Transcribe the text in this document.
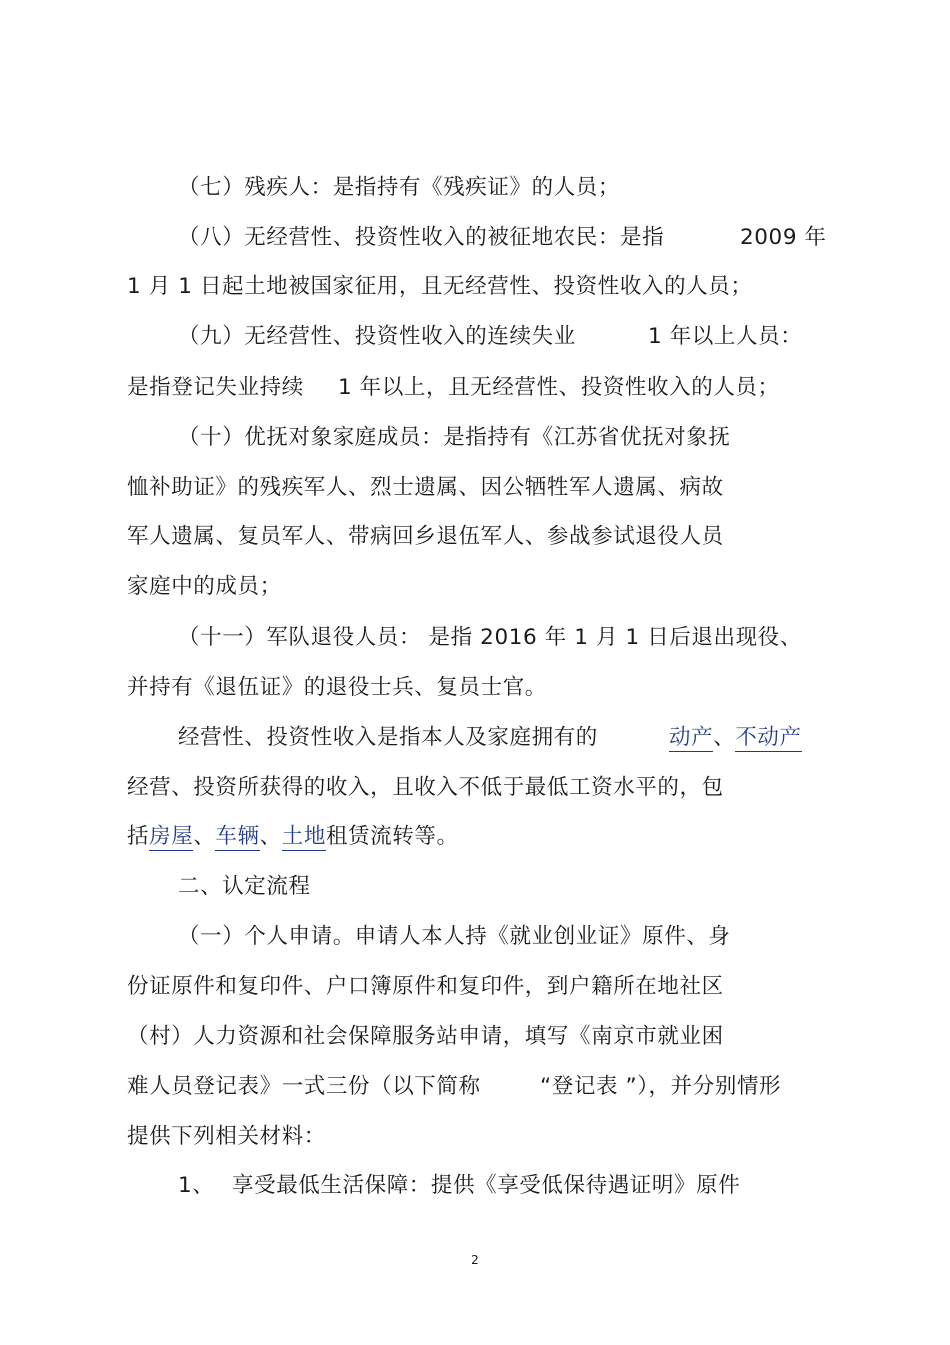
（七）残疾人：是指持有《残疾证》的人员；

（八）无经营性、投资性收入的被征地农民：是指	2009 年

1 月 1 日起土地被国家征用，且无经营性、投资性收入的人员；

（九）无经营性、投资性收入的连续失业	1 年以上人员：

是指登记失业持续 1 年以上，且无经营性、投资性收入的人员；

（十）优抚对象家庭成员：是指持有《江苏省优抚对象抚

恤补助证》的残疾军人、烈士遗属、因公牺牲军人遗属、病故

军人遗属、复员军人、带病回乡退伍军人、参战参试退役人员

家庭中的成员；

（十一）军队退役人员： 是指 2016 年 1 月 1 日后退出现役、

并持有《退伍证》的退役士兵、复员士官。

经营性、投资性收入是指本人及家庭拥有的	动产、不动产

经营、投资所获得的收入，且收入不低于最低工资水平的，包

括房屋、车辆、土地租赁流转等。

二、认定流程

（一）个人申请。申请人本人持《就业创业证》原件、身

份证原件和复印件、户口簿原件和复印件，到户籍所在地社区

（村）人力资源和社会保障服务站申请，填写《南京市就业困

难人员登记表》一式三份（以下简称	“登记表 ”），并分别情形

提供下列相关材料：

1、 享受最低生活保障：提供《享受低保待遇证明》原件

2
